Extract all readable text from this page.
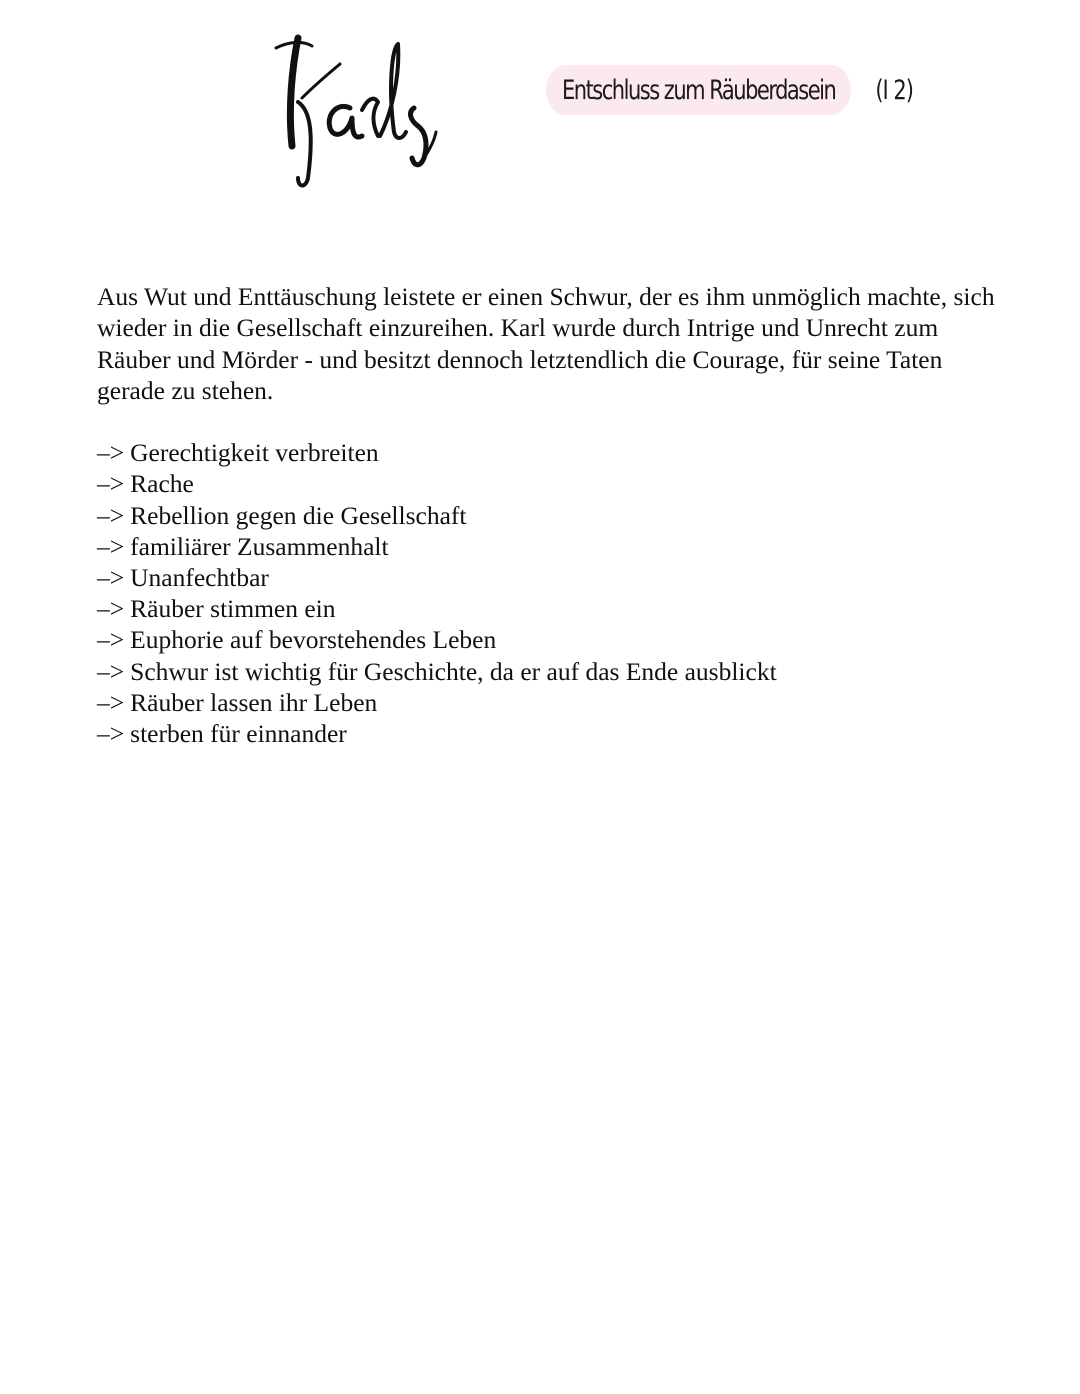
Entschluss zum Räuberdasein	(I 2)

Aus Wut und Enttäuschung leistete er einen Schwur, der es ihm unmöglich machte, sich wieder in die Gesellschaft einzureihen. Karl wurde durch Intrige und Unrecht zum Räuber und Mörder - und besitzt dennoch letztendlich die Courage, für seine Taten gerade zu stehen.

–> Gerechtigkeit verbreiten
–> Rache
–> Rebellion gegen die Gesellschaft
–> familiärer Zusammenhalt
–> Unanfechtbar
–> Räuber stimmen ein
–> Euphorie auf bevorstehendes Leben
–> Schwur ist wichtig für Geschichte, da er auf das Ende ausblickt
–> Räuber lassen ihr Leben
–> sterben für einnander
